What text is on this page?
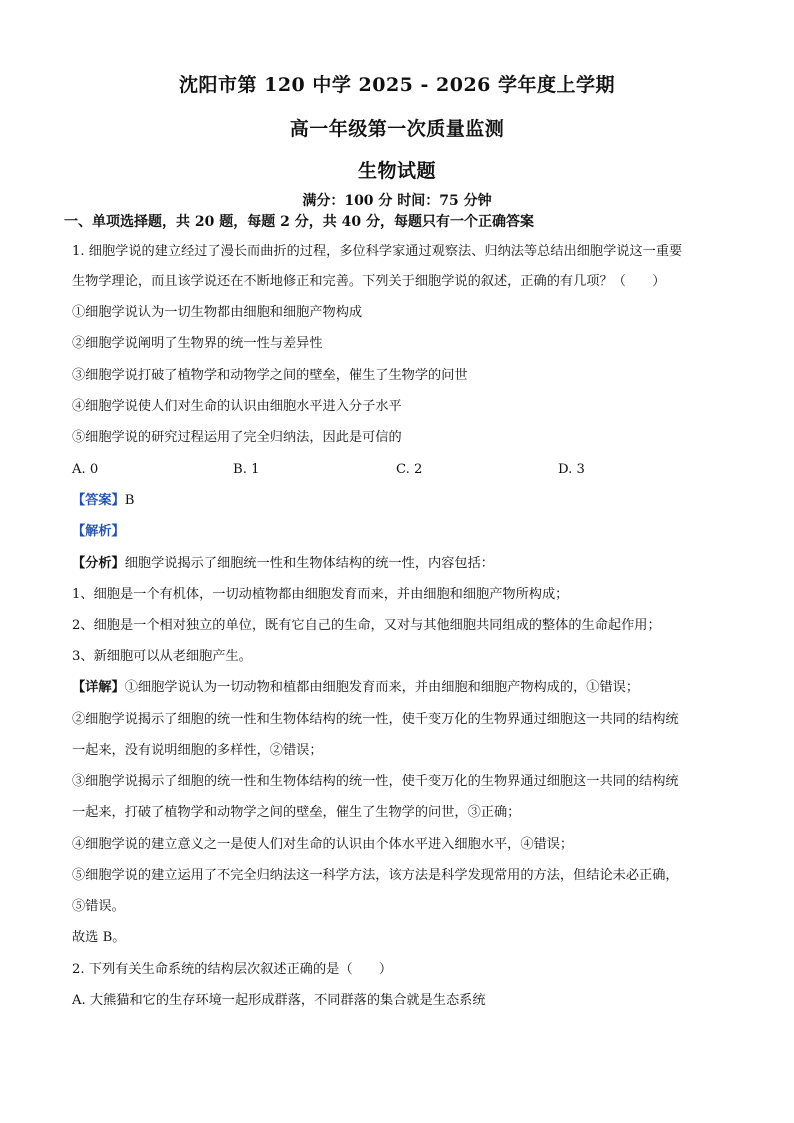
沈阳市第 120 中学 2025 - 2026 学年度上学期
高一年级第一次质量监测
生物试题
满分：100 分 时间：75 分钟
一、单项选择题，共 20 题，每题 2 分，共 40 分，每题只有一个正确答案
1. 细胞学说的建立经过了漫长而曲折的过程，多位科学家通过观察法、归纳法等总结出细胞学说这一重要
生物学理论，而且该学说还在不断地修正和完善。下列关于细胞学说的叙述，正确的有几项？（　　）
①细胞学说认为一切生物都由细胞和细胞产物构成
②细胞学说阐明了生物界的统一性与差异性
③细胞学说打破了植物学和动物学之间的壁垒，催生了生物学的问世
④细胞学说使人们对生命的认识由细胞水平进入分子水平
⑤细胞学说的研究过程运用了完全归纳法，因此是可信的
A. 0	B. 1	C. 2	D. 3
【答案】B
【解析】
【分析】细胞学说揭示了细胞统一性和生物体结构的统一性，内容包括：
1、细胞是一个有机体，一切动植物都由细胞发育而来，并由细胞和细胞产物所构成；
2、细胞是一个相对独立的单位，既有它自己的生命，又对与其他细胞共同组成的整体的生命起作用；
3、新细胞可以从老细胞产生。
【详解】①细胞学说认为一切动物和植都由细胞发育而来，并由细胞和细胞产物构成的，①错误；
②细胞学说揭示了细胞的统一性和生物体结构的统一性，使千变万化的生物界通过细胞这一共同的结构统
一起来，没有说明细胞的多样性，②错误；
③细胞学说揭示了细胞的统一性和生物体结构的统一性，使千变万化的生物界通过细胞这一共同的结构统
一起来，打破了植物学和动物学之间的壁垒，催生了生物学的问世，③正确；
④细胞学说的建立意义之一是使人们对生命的认识由个体水平进入细胞水平，④错误；
⑤细胞学说的建立运用了不完全归纳法这一科学方法，该方法是科学发现常用的方法，但结论未必正确，
⑤错误。
故选 B。
2. 下列有关生命系统的结构层次叙述正确的是（　　）
A. 大熊猫和它的生存环境一起形成群落，不同群落的集合就是生态系统
